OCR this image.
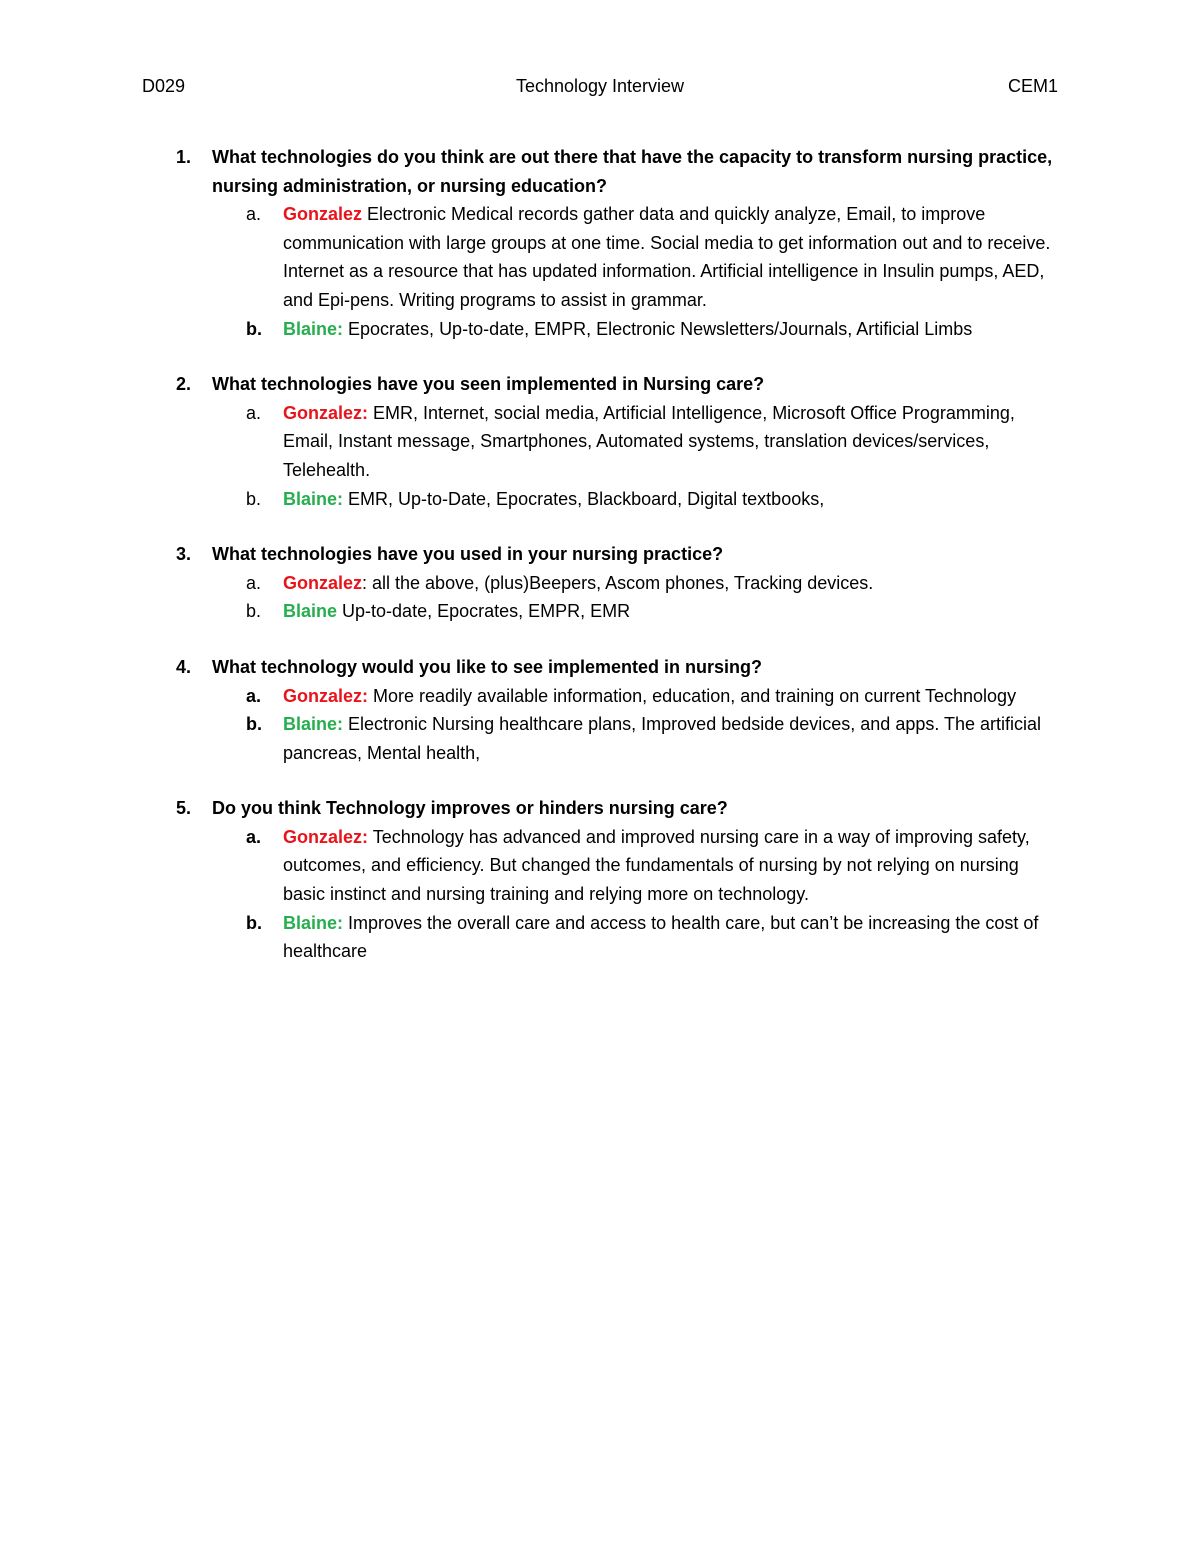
D029	Technology Interview	CEM1
1. What technologies do you think are out there that have the capacity to transform nursing practice, nursing administration, or nursing education?
a. Gonzalez Electronic Medical records gather data and quickly analyze, Email, to improve communication with large groups at one time. Social media to get information out and to receive. Internet as a resource that has updated information. Artificial intelligence in Insulin pumps, AED, and Epi-pens. Writing programs to assist in grammar.
b. Blaine: Epocrates, Up-to-date, EMPR, Electronic Newsletters/Journals, Artificial Limbs
2. What technologies have you seen implemented in Nursing care?
a. Gonzalez: EMR, Internet, social media, Artificial Intelligence, Microsoft Office Programming, Email, Instant message, Smartphones, Automated systems, translation devices/services, Telehealth.
b. Blaine: EMR, Up-to-Date, Epocrates, Blackboard, Digital textbooks,
3. What technologies have you used in your nursing practice?
a. Gonzalez: all the above, (plus)Beepers, Ascom phones, Tracking devices.
b. Blaine Up-to-date, Epocrates, EMPR, EMR
4. What technology would you like to see implemented in nursing?
a. Gonzalez: More readily available information, education, and training on current Technology
b. Blaine: Electronic Nursing healthcare plans, Improved bedside devices, and apps. The artificial pancreas, Mental health,
5. Do you think Technology improves or hinders nursing care?
a. Gonzalez: Technology has advanced and improved nursing care in a way of improving safety, outcomes, and efficiency. But changed the fundamentals of nursing by not relying on nursing basic instinct and nursing training and relying more on technology.
b. Blaine: Improves the overall care and access to health care, but can’t be increasing the cost of healthcare
